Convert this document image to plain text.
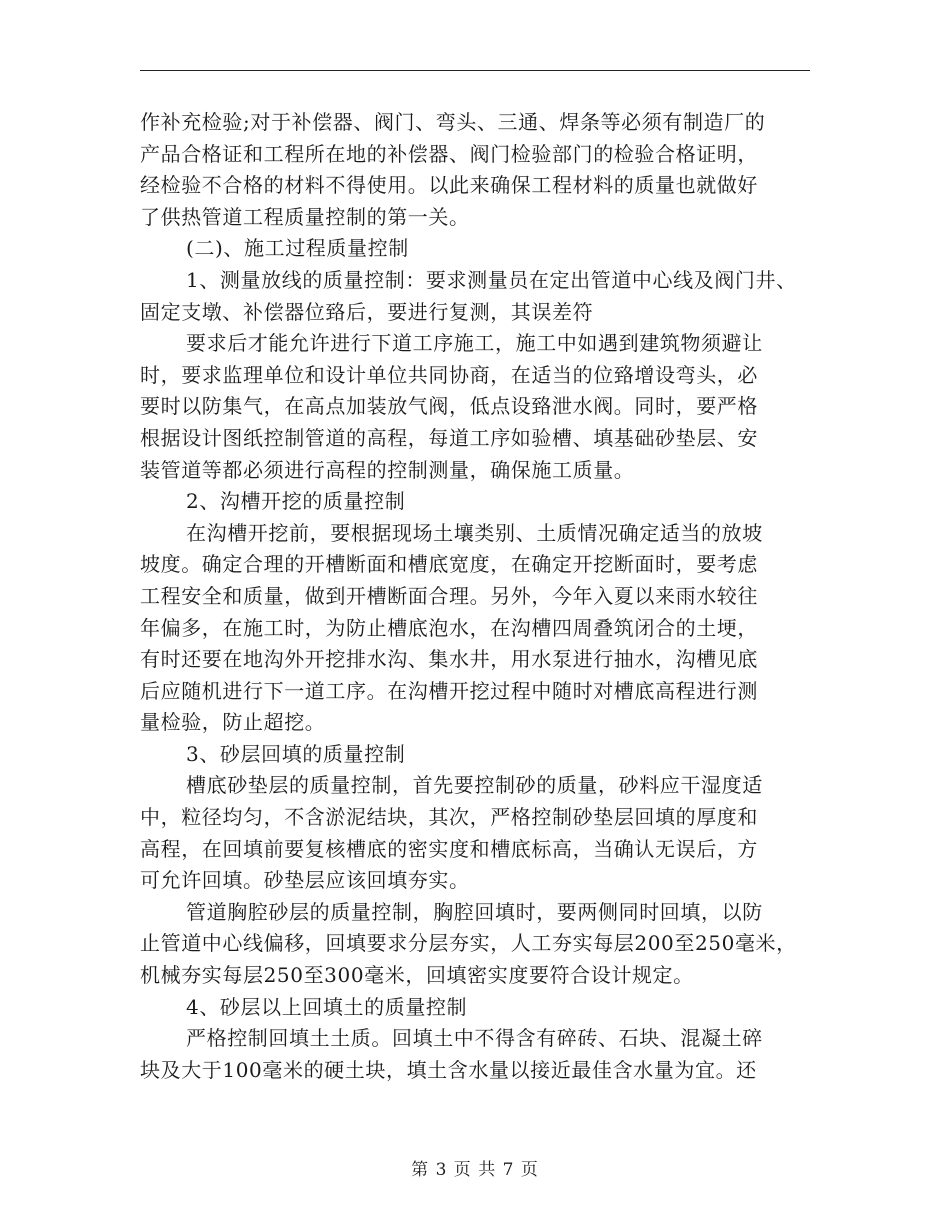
作补充检验;对于补偿器、阀门、弯头、三通、焊条等必须有制造厂的
产品合格证和工程所在地的补偿器、阀门检验部门的检验合格证明，
经检验不合格的材料不得使用。以此来确保工程材料的质量也就做好
了供热管道工程质量控制的第一关。
(二)、施工过程质量控制
1、测量放线的质量控制：要求测量员在定出管道中心线及阀门井、
固定支墩、补偿器位臵后，要进行复测，其误差符
要求后才能允许进行下道工序施工，施工中如遇到建筑物须避让
时，要求监理单位和设计单位共同协商，在适当的位臵增设弯头，必
要时以防集气，在高点加装放气阀，低点设臵泄水阀。同时，要严格
根据设计图纸控制管道的高程，每道工序如验槽、填基础砂垫层、安
装管道等都必须进行高程的控制测量，确保施工质量。
2、沟槽开挖的质量控制
在沟槽开挖前，要根据现场土壤类别、土质情况确定适当的放坡
坡度。确定合理的开槽断面和槽底宽度，在确定开挖断面时，要考虑
工程安全和质量，做到开槽断面合理。另外，今年入夏以来雨水较往
年偏多，在施工时，为防止槽底泡水，在沟槽四周叠筑闭合的土埂，
有时还要在地沟外开挖排水沟、集水井，用水泵进行抽水，沟槽见底
后应随机进行下一道工序。在沟槽开挖过程中随时对槽底高程进行测
量检验，防止超挖。
3、砂层回填的质量控制
槽底砂垫层的质量控制，首先要控制砂的质量，砂料应干湿度适
中，粒径均匀，不含淤泥结块，其次，严格控制砂垫层回填的厚度和
高程，在回填前要复核槽底的密实度和槽底标高，当确认无误后，方
可允许回填。砂垫层应该回填夯实。
管道胸腔砂层的质量控制，胸腔回填时，要两侧同时回填，以防
止管道中心线偏移，回填要求分层夯实，人工夯实每层200至250毫米，
机械夯实每层250至300毫米，回填密实度要符合设计规定。
4、砂层以上回填土的质量控制
严格控制回填土土质。回填土中不得含有碎砖、石块、混凝土碎
块及大于100毫米的硬土块，填土含水量以接近最佳含水量为宜。还
第 3 页 共 7 页
